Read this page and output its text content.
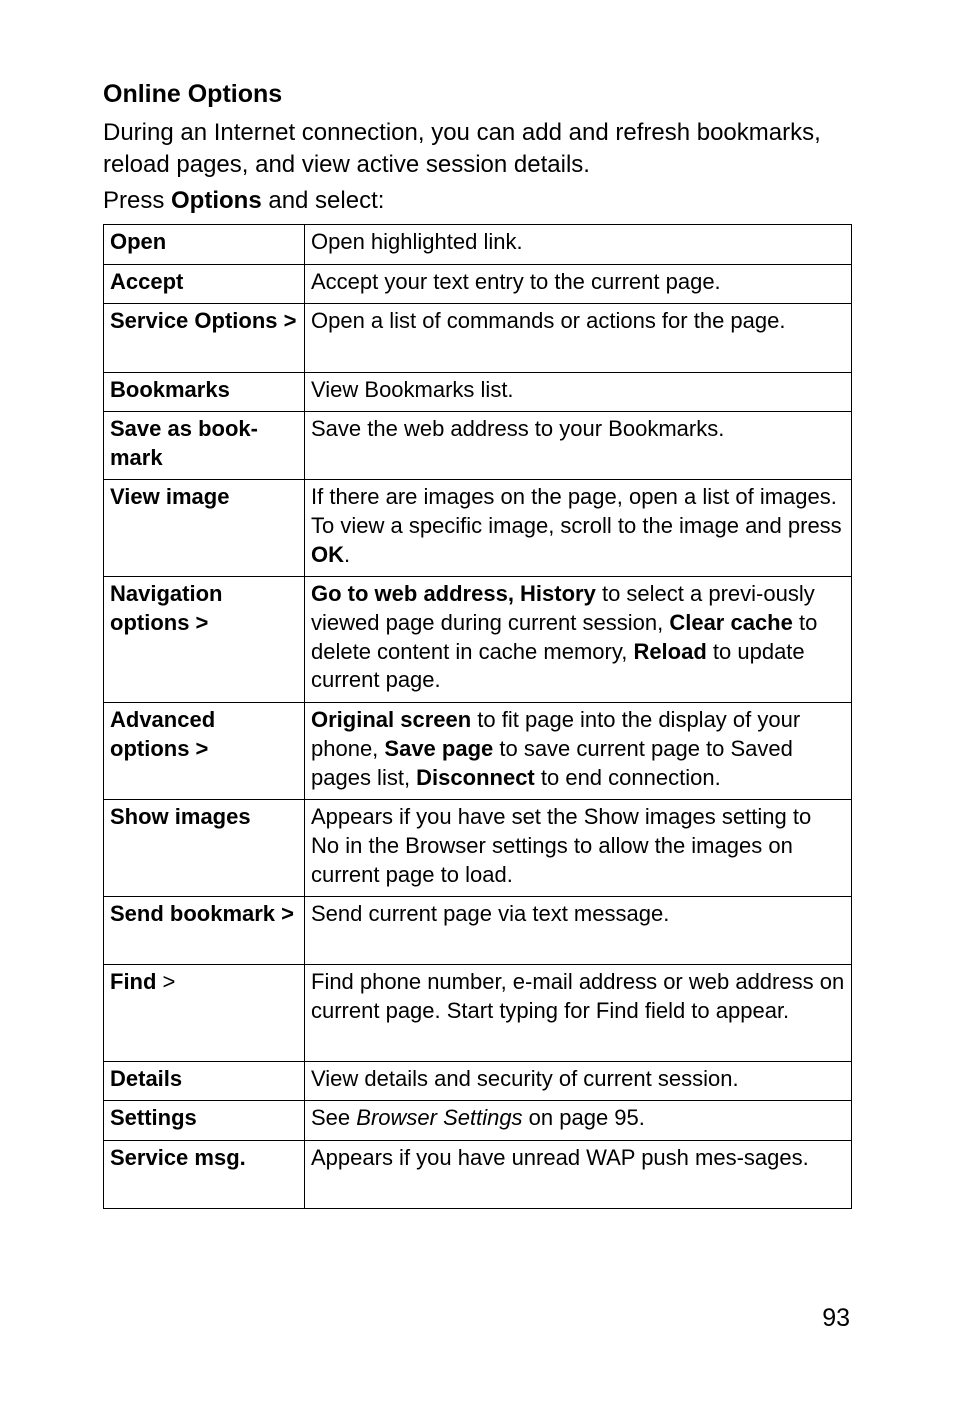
Online Options

During an Internet connection, you can add and refresh bookmarks, reload pages, and view active session details.

Press Options and select:

Open	Open highlighted link.
Accept	Accept your text entry to the current page.
Service Options >	Open a list of commands or actions for the page.
Bookmarks	View Bookmarks list.
Save as book-mark	Save the web address to your Bookmarks.
View image	If there are images on the page, open a list of images. To view a specific image, scroll to the image and press OK.
Navigation options >	Go to web address, History to select a previ-ously viewed page during current session, Clear cache to delete content in cache memory, Reload to update current page.
Advanced options >	Original screen to fit page into the display of your phone, Save page to save current page to Saved pages list, Disconnect to end connection.
Show images	Appears if you have set the Show images setting to No in the Browser settings to allow the images on current page to load.
Send bookmark >	Send current page via text message.
Find >	Find phone number, e-mail address or web address on current page. Start typing for Find field to appear.
Details	View details and security of current session.
Settings	See Browser Settings on page 95.
Service msg.	Appears if you have unread WAP push mes-sages.
93
